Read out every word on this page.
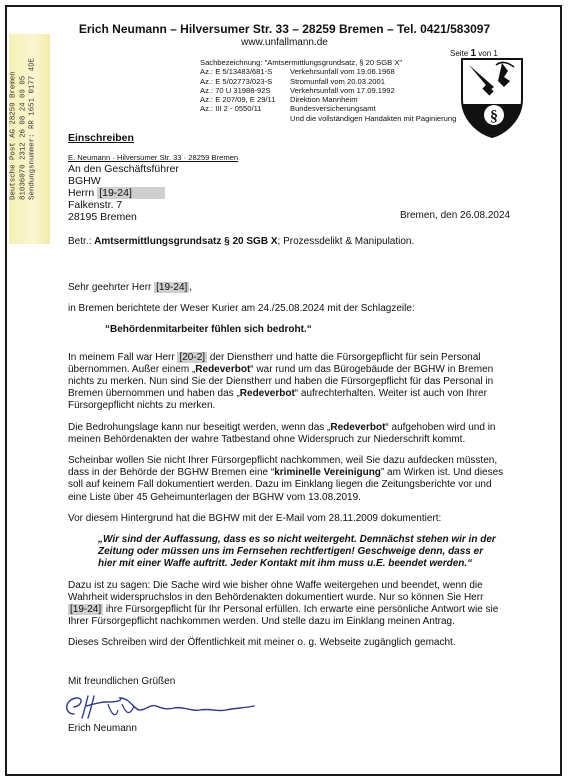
Erich Neumann – Hilversumer Str. 33 – 28259 Bremen – Tel. 0421/583097
www.unfallmann.de
Seite 1 von 1
Sachbezeichnung: "Amtsermittlungsgrundsatz, § 20 SGB X"
Az.: E 5/13483/681-S	Verkehrsunfall vom 19.06.1968
Az.: E 5/02773/023-S	Stromunfall vom 20.03.2001
Az.: 70 U 31988-92S	Verkehrsunfall vom 17.09.1992
Az.: E 207/09, E 29/11	Direktion Mannheim
Az.: III 2 - 0550/11	Bundesversicherungsamt
Und die vollständigen Handakten mit Paginierung §
Deutsche Post AG 28259 Bremen 81036070 2312 26 08 24 09 05 Sendungsnummer: RR 1651 0177 4DE	Einschreiben
E. Neumann · Hilversumer Str. 33 · 28259 Bremen
An den Geschäftsführer
BGHW
Herrn [19-24]
Falkenstr. 7
28195 Bremen	Bremen, den 26.08.2024
Betr.: Amtsermittlungsgrundsatz § 20 SGB X; Prozessdelikt & Manipulation.

Sehr geehrter Herr [19-24] ,

in Bremen berichtete der Weser Kurier am 24./25.08.2024 mit der Schlagzeile:

“Behördenmitarbeiter fühlen sich bedroht.“

In meinem Fall war Herr [20-2] der Dienstherr und hatte die Fürsorgepflicht für sein Personal
übernommen. Außer einem „Redeverbot“ war rund um das Bürogebäude der BGHW in Bremen
nichts zu merken. Nun sind Sie der Dienstherr und haben die Fürsorgepflicht für das Personal in
Bremen übernommen und haben das „Redeverbot“ aufrechterhalten. Weiter ist auch von Ihrer
Fürsorgepflicht nichts zu merken.

Die Bedrohungslage kann nur beseitigt werden, wenn das „Redeverbot“ aufgehoben wird und in
meinen Behördenakten der wahre Tatbestand ohne Widerspruch zur Niederschrift kommt.

Scheinbar wollen Sie nicht Ihrer Fürsorgepflicht nachkommen, weil Sie dazu aufdecken müssten,
dass in der Behörde der BGHW Bremen eine “kriminelle Vereinigung” am Wirken ist. Und dieses
soll auf keinem Fall dokumentiert werden. Dazu im Einklang liegen die Zeitungsberichte vor und
eine Liste über 45 Geheimunterlagen der BGHW vom 13.08.2019.

Vor diesem Hintergrund hat die BGHW mit der E-Mail vom 28.11.2009 dokumentiert:

„Wir sind der Auffassung, dass es so nicht weitergeht. Demnächst stehen wir in der
Zeitung oder müssen uns im Fernsehen rechtfertigen! Geschweige denn, dass er
hier mit einer Waffe auftritt. Jeder Kontakt mit ihm muss u.E. beendet werden.“

Dazu ist zu sagen: Die Sache wird wie bisher ohne Waffe weitergehen und beendet, wenn die
Wahrheit widerspruchslos in den Behördenakten dokumentiert wurde. Nur so können Sie Herr
[19-24] ihre Fürsorgepflicht für Ihr Personal erfüllen. Ich erwarte eine persönliche Antwort wie sie
Ihrer Fürsorgepflicht nachkommen werden. Und stelle dazu im Einklang meinen Antrag.

Dieses Schreiben wird der Öffentlichkeit mit meiner o. g. Webseite zugänglich gemacht.

Mit freundlichen Grüßen
Erich Neumann
